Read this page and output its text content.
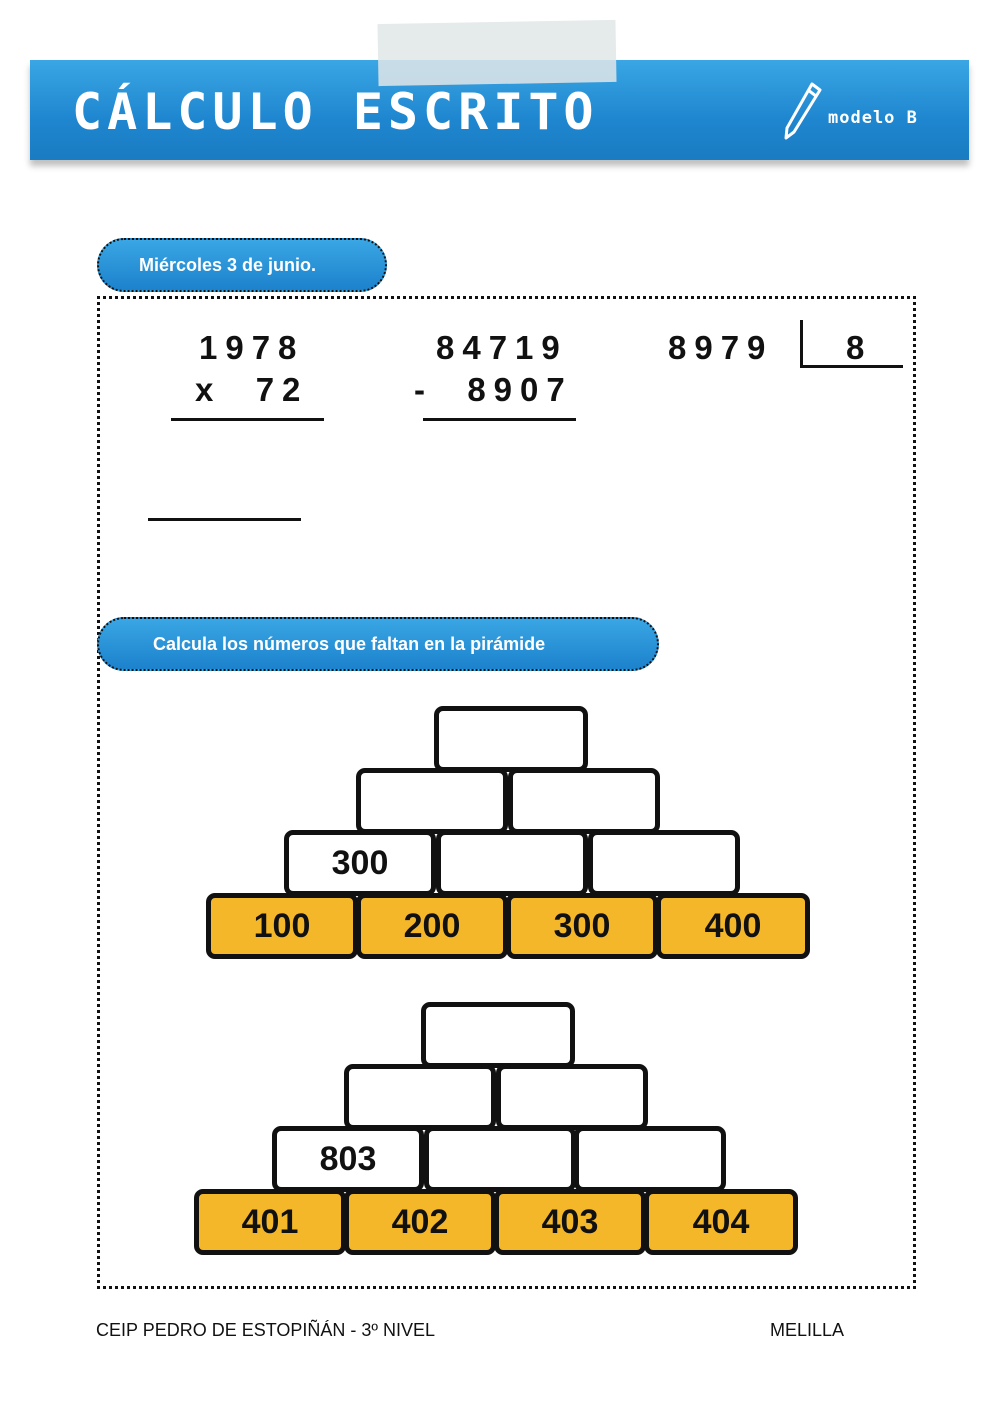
CÁLCULO ESCRITO	modelo B
Miércoles 3 de junio.
1978
x  72
84719
-  8907
8979 8
Calcula los números que faltan en la pirámide
300
100	200	300	400
803
401	402	403	404
CEIP PEDRO DE ESTOPIÑÁN - 3º NIVEL	MELILLA
